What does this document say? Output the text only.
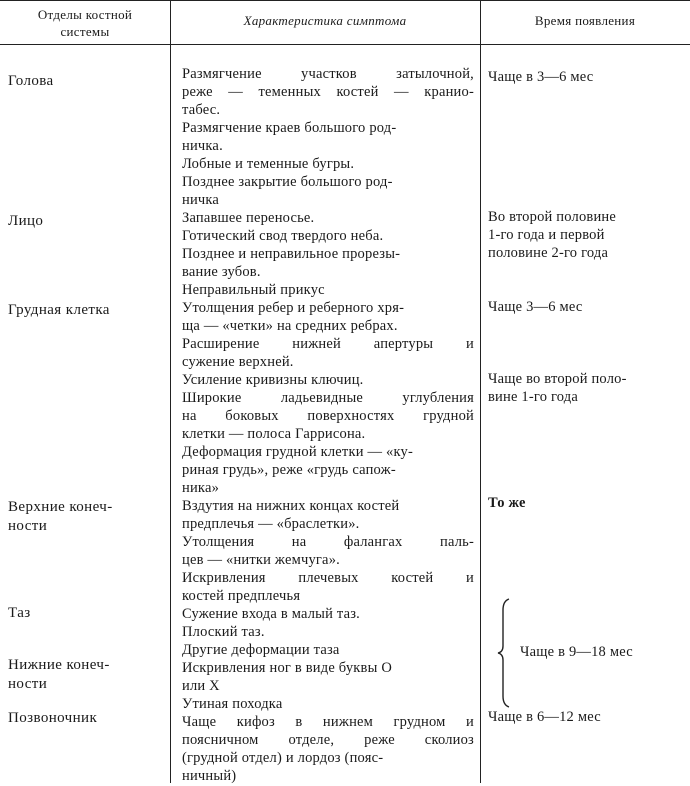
Отделы костной
системы
Характеристика симптома	Время появления
Голова
Лицо
Грудная клетка
Верхние конеч-
ности
Таз
Нижние конеч-
ности
Позвоночник
Размягчение участков затылочной,
реже — теменных костей — кранио-
табес.
Размягчение краев большого род-
ничка.
Лобные и теменные бугры.
Позднее закрытие большого род-
ничка
Запавшее переносье.
Готический свод твердого неба.
Позднее и неправильное прорезы-
вание зубов.
Неправильный прикус
Утолщения ребер и реберного хря-
ща — «четки» на средних ребрах.
Расширение нижней апертуры и
сужение верхней.
Усиление кривизны ключиц.
Широкие ладьевидные углубления
на боковых поверхностях грудной
клетки — полоса Гаррисона.
Деформация грудной клетки — «ку-
риная грудь», реже «грудь сапож-
ника»
Вздутия на нижних концах костей
предплечья — «браслетки».
Утолщения на фалангах паль-
цев — «нитки жемчуга».
Искривления плечевых костей и
костей предплечья
Сужение входа в малый таз.
Плоский таз.
Другие деформации таза
Искривления ног в виде буквы О
или Х
Утиная походка
Чаще кифоз в нижнем грудном и
поясничном отделе, реже сколиоз
(грудной отдел) и лордоз (пояс-
ничный)
Чаще в 3—6 мес
Во второй половине
1-го года и первой
половине 2-го года
Чаще 3—6 мес
Чаще во второй поло-
вине 1-го года
То же
Чаще в 9—18 мес
Чаще в 6—12 мес
